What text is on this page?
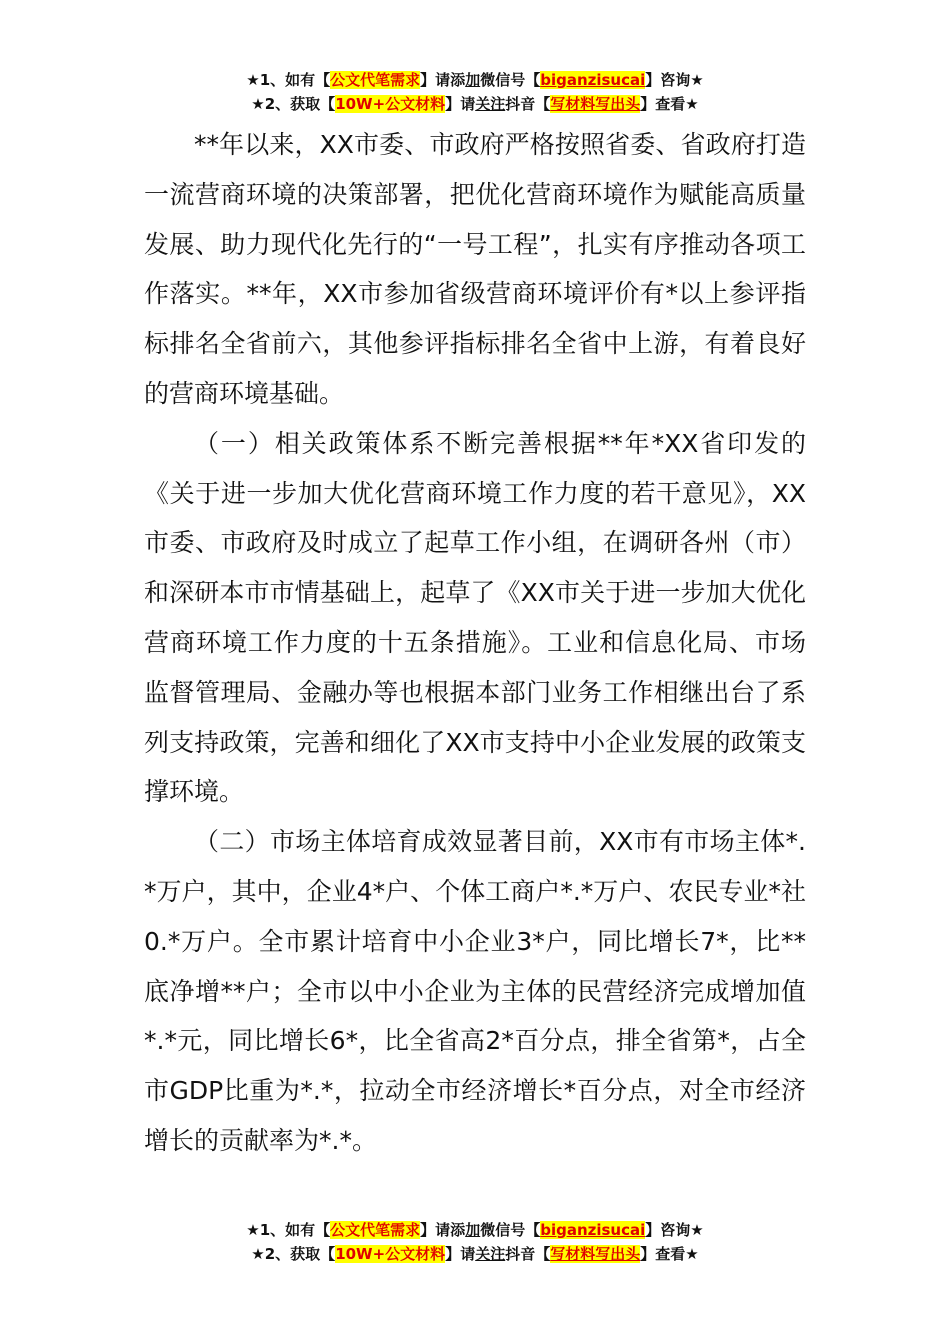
★1、如有【公文代笔需求】请添加微信号【biganzisucai】咨询★
★2、获取【10W+公文材料】请关注抖音【写材料写出头】查看★

**年以来，XX市委、市政府严格按照省委、省政府打造一流营商环境的决策部署，把优化营商环境作为赋能高质量发展、助力现代化先行的“一号工程”，扎实有序推动各项工作落实。**年，XX市参加省级营商环境评价有*以上参评指标排名全省前六，其他参评指标排名全省中上游，有着良好的营商环境基础。

（一）相关政策体系不断完善根据**年*XX省印发的《关于进一步加大优化营商环境工作力度的若干意见》，XX市委、市政府及时成立了起草工作小组，在调研各州（市）和深研本市市情基础上，起草了《XX市关于进一步加大优化营商环境工作力度的十五条措施》。工业和信息化局、市场监督管理局、金融办等也根据本部门业务工作相继出台了系列支持政策，完善和细化了XX市支持中小企业发展的政策支撑环境。

（二）市场主体培育成效显著目前，XX市有市场主体*.*万户，其中，企业4*户、个体工商户*.*万户、农民专业*社0.*万户。全市累计培育中小企业3*户，同比增长7*，比**底净增**户；全市以中小企业为主体的民营经济完成增加值*.*元，同比增长6*，比全省高2*百分点，排全省第*，占全市GDP比重为*.*，拉动全市经济增长*百分点，对全市经济增长的贡献率为*.*。

★1、如有【公文代笔需求】请添加微信号【biganzisucai】咨询★
★2、获取【10W+公文材料】请关注抖音【写材料写出头】查看★
